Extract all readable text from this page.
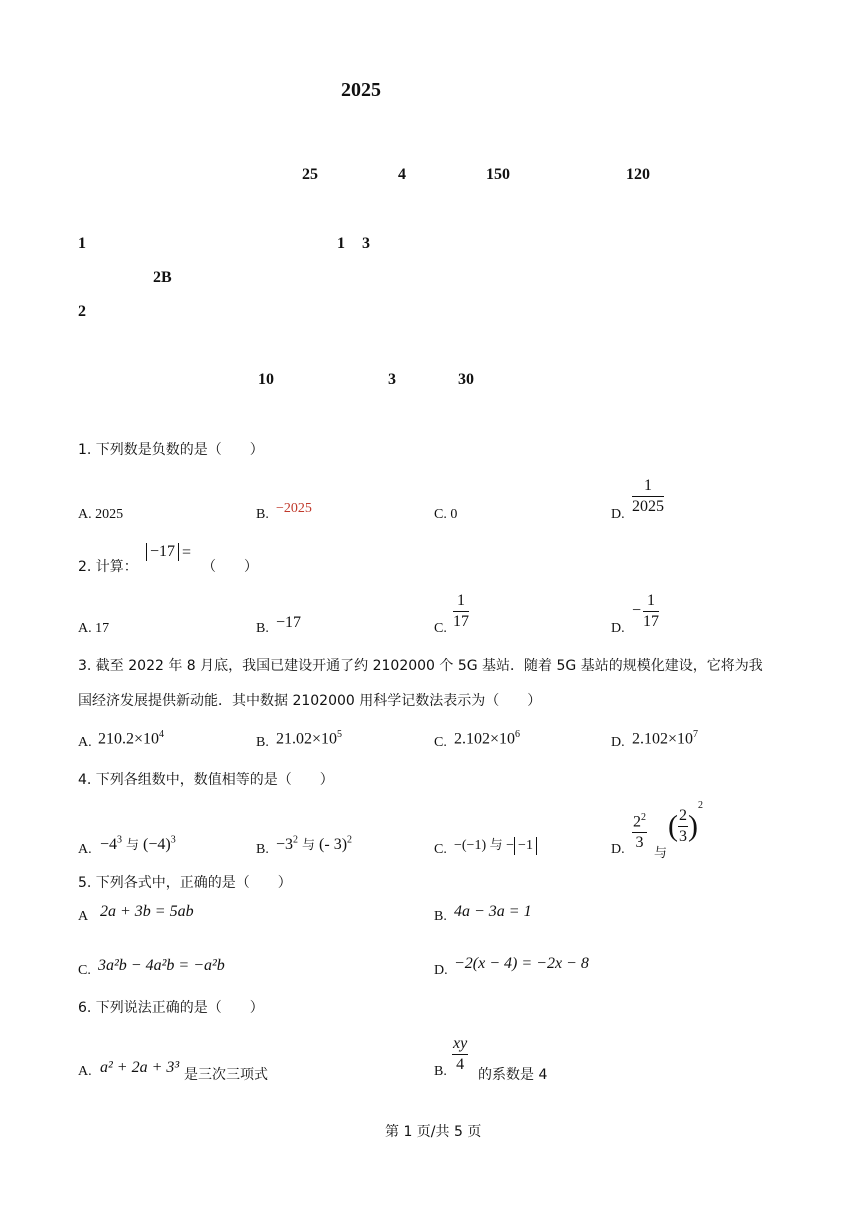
2025
25	4	150	120
1	1 3
2B
2
10	3	30
1. 下列数是负数的是（　　）
A. 2025	B. −2025	C. 0	D. $\frac{1}{2025}$
2. 计算：
−17 =
（　　）
A. 17	B. −17	C. $\frac{1}{17}$	D.
− $\frac{1}{17}$
3. 截至 2022 年 8 月底，我国已建设开通了约 2102000 个 5G 基站．随着 5G 基站的规模化建设，它将为我
国经济发展提供新动能．其中数据 2102000 用科学记数法表示为（　　）
A. $210.2\times 10^4$
B. $21.02\times 10^5$
C. $2.102\times 10^6$
D. $2.102\times 10^7$
4. 下列各组数中，数值相等的是（　　）
A. $-4^3$ 与 $(-4)^3$
B. $-3^2$ 与 (- 3)$^2$
C. −(−1) 与 − −1	D. $\frac{2^2}{3}$
与
( $\frac{2}{3} )^2$
5. 下列各式中，正确的是（　　）
A 2a + 3b = 5ab	B. 4a − 3a = 1
C. 3a²b − 4a²b = −a²b	D. −2(x − 4) = −2x − 8
6. 下列说法正确的是（　　）
A. a² + 2a + 3³ 是三次三项式	B. $\frac{xy}{4}$ 的系数是 4
第 1 页/共 5 页
